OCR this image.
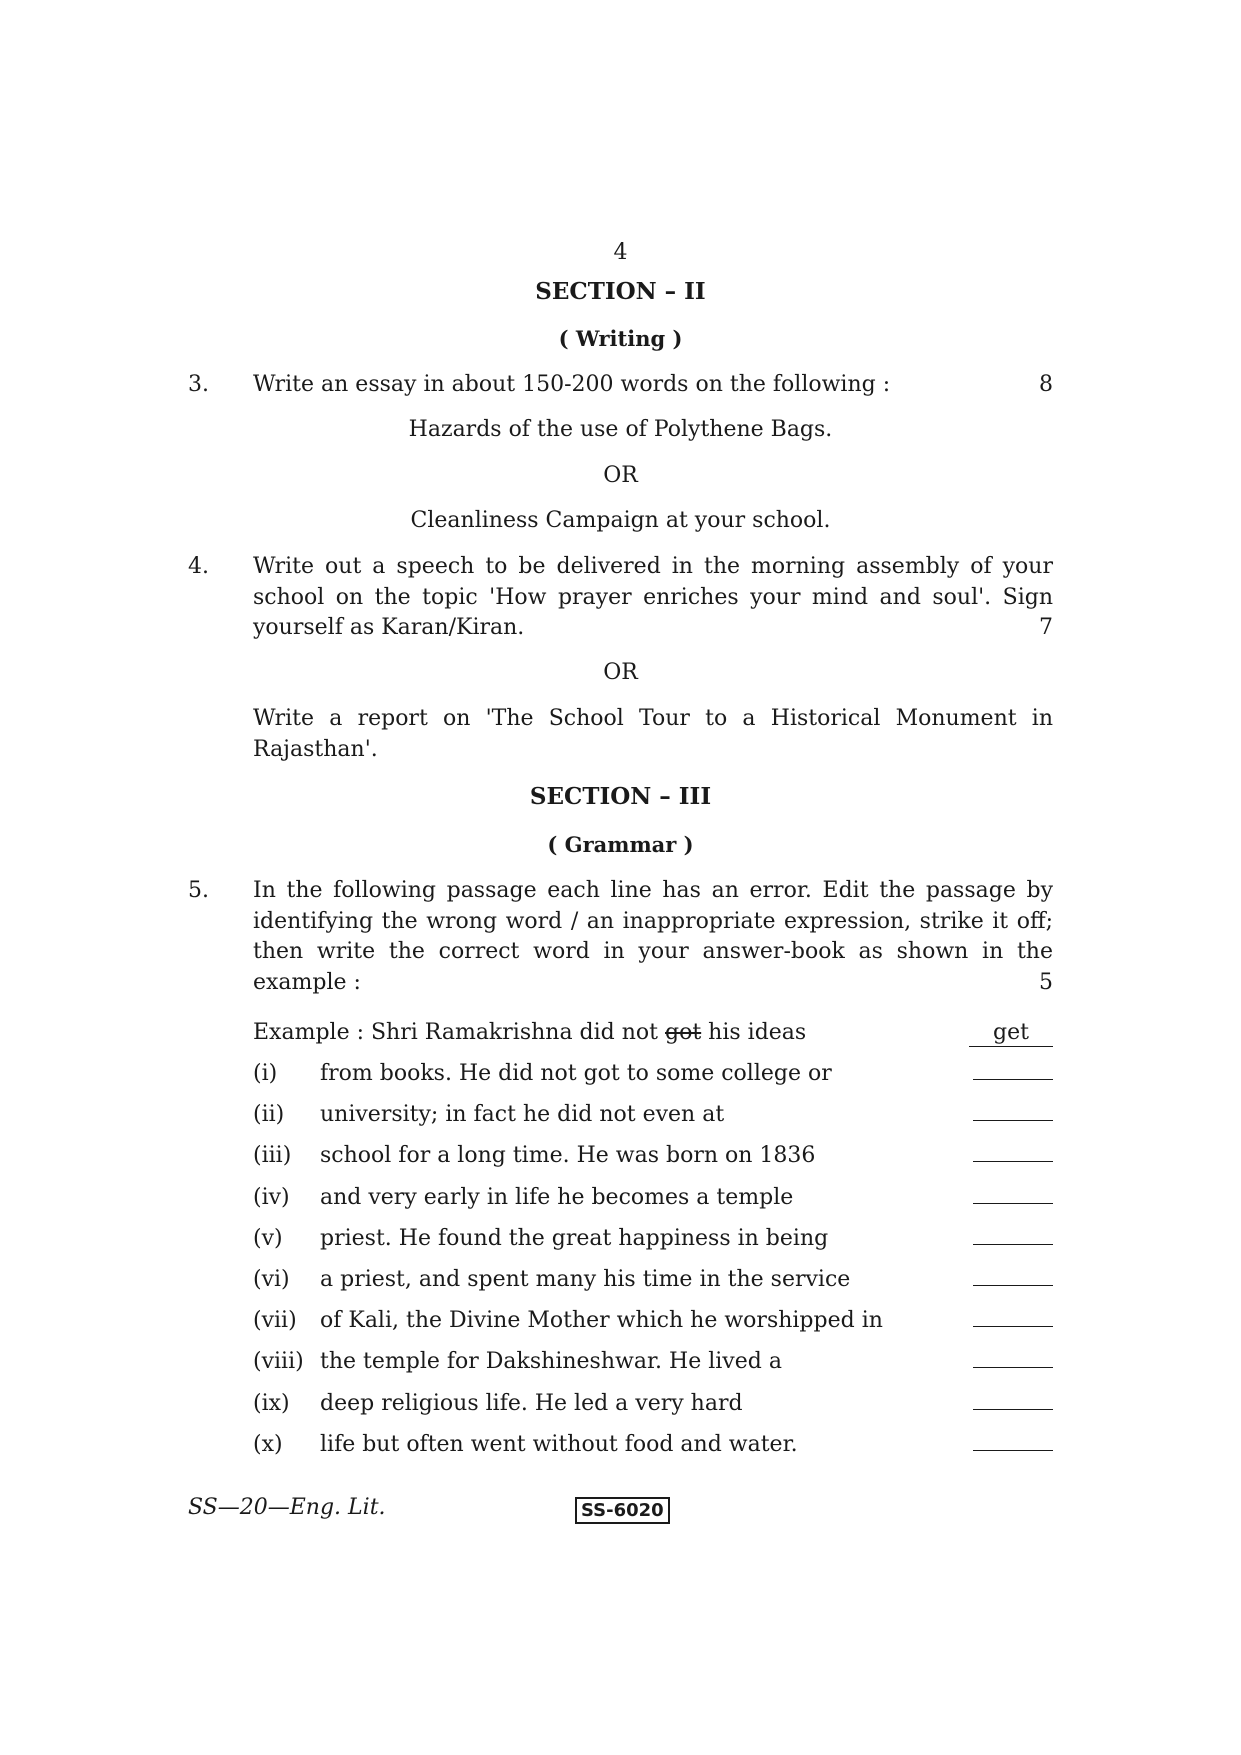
4
SECTION – II
( Writing )
3. Write an essay in about 150-200 words on the following :	8
Hazards of the use of Polythene Bags.
OR
Cleanliness Campaign at your school.
4. Write out a speech to be delivered in the morning assembly of your
school on the topic 'How prayer enriches your mind and soul'. Sign
yourself as Karan/Kiran.	7
OR
Write a report on 'The School Tour to a Historical Monument in
Rajasthan'.
SECTION – III
( Grammar )
5. In the following passage each line has an error. Edit the passage by
identifying the wrong word / an inappropriate expression, strike it off;
then write the correct word in your answer-book as shown in the
example :	5
Example : Shri Ramakrishna did not got his ideas	get
(i) from books. He did not got to some college or
(ii) university; in fact he did not even at
(iii) school for a long time. He was born on 1836
(iv) and very early in life he becomes a temple
(v) priest. He found the great happiness in being
(vi) a priest, and spent many his time in the service
(vii) of Kali, the Divine Mother which he worshipped in
(viii) the temple for Dakshineshwar. He lived a
(ix) deep religious life. He led a very hard
(x) life but often went without food and water.
SS—20—Eng. Lit.	SS-6020
